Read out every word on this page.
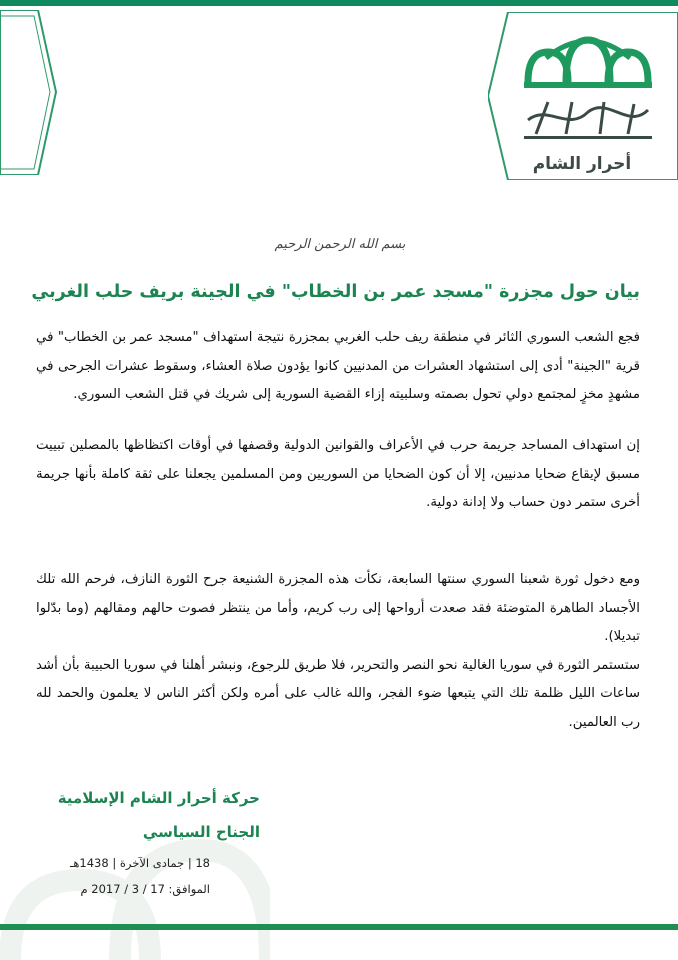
أحرار الشام
بسم الله الرحمن الرحيم
بيان حول مجزرة "مسجد عمر بن الخطاب" في الجينة بريف حلب الغربي
فجع الشعب السوري الثائر في منطقة ريف حلب الغربي بمجزرة نتيجة استهداف "مسجد عمر بن الخطاب" في قرية "الجينة" أدى إلى استشهاد العشرات من المدنيين كانوا يؤدون صلاة العشاء، وسقوط عشرات الجرحى في مشهدٍ مخزٍ لمجتمع دولي تحول بصمته وسلبيته إزاء القضية السورية إلى شريك في قتل الشعب السوري.
إن استهداف المساجد جريمة حرب في الأعراف والقوانين الدولية وقصفها في أوقات اكتظاظها بالمصلين تبييت مسبق لإيقاع ضحايا مدنيين، إلا أن كون الضحايا من السوريين ومن المسلمين يجعلنا على ثقة كاملة بأنها جريمة أخرى ستمر دون حساب ولا إدانة دولية.
ومع دخول ثورة شعبنا السوري سنتها السابعة، نكأت هذه المجزرة الشنيعة جرح الثورة النازف، فرحم الله تلك الأجساد الطاهرة المتوضئة فقد صعدت أرواحها إلى رب كريم، وأما من ينتظر فصوت حالهم ومقالهم (وما بدّلوا تبديلا).
ستستمر الثورة في سوريا الغالية نحو النصر والتحرير، فلا طريق للرجوع، ونبشر أهلنا في سوريا الحبيبة بأن أشد ساعات الليل ظلمة تلك التي يتبعها ضوء الفجر، والله غالب على أمره ولكن أكثر الناس لا يعلمون والحمد لله رب العالمين.
حركة أحرار الشام الإسلامية
الجناح السياسي
18 | جمادى الآخرة | 1438هـ
الموافق: 17 / 3 / 2017 م
